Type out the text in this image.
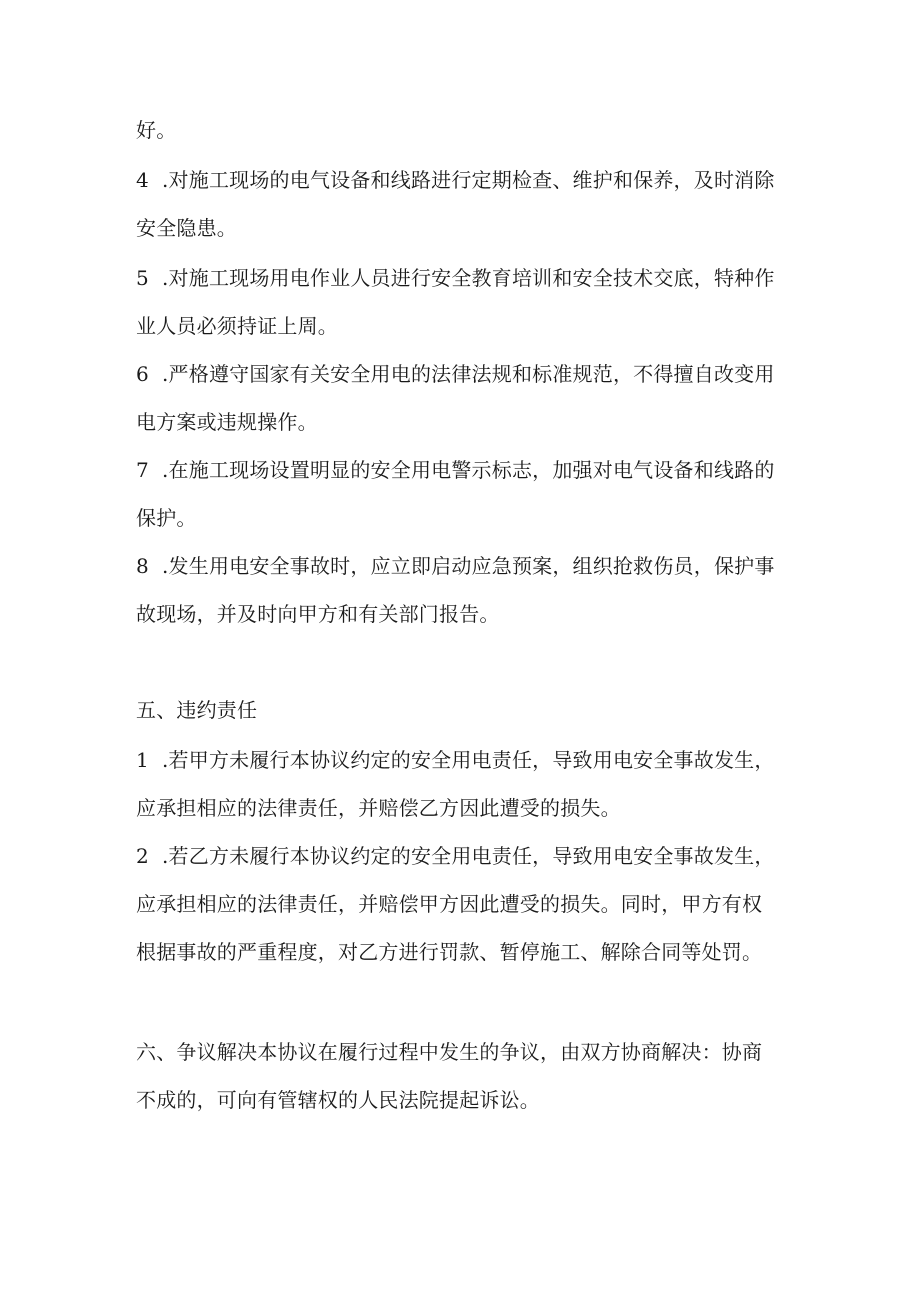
好。
4 .对施工现场的电气设备和线路进行定期检查、维护和保养，及时消除
安全隐患。
5 .对施工现场用电作业人员进行安全教育培训和安全技术交底，特种作
业人员必须持证上周。
6 .严格遵守国家有关安全用电的法律法规和标准规范，不得擅自改变用
电方案或违规操作。
7 .在施工现场设置明显的安全用电警示标志，加强对电气设备和线路的
保护。
8 .发生用电安全事故时，应立即启动应急预案，组织抢救伤员，保护事
故现场，并及时向甲方和有关部门报告。
五、违约责任
1 .若甲方未履行本协议约定的安全用电责任，导致用电安全事故发生，
应承担相应的法律责任，并赔偿乙方因此遭受的损失。
2 .若乙方未履行本协议约定的安全用电责任，导致用电安全事故发生，
应承担相应的法律责任，并赔偿甲方因此遭受的损失。同时，甲方有权
根据事故的严重程度，对乙方进行罚款、暂停施工、解除合同等处罚。
六、争议解决本协议在履行过程中发生的争议，由双方协商解决：协商
不成的，可向有管辖权的人民法院提起诉讼。
